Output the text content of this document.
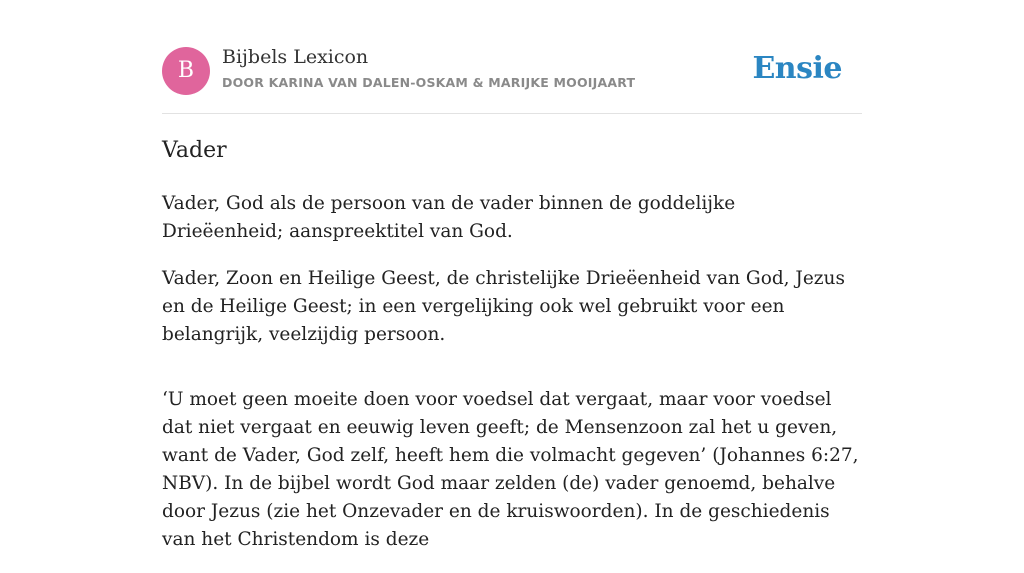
B
Bijbels Lexicon
DOOR KARINA VAN DALEN-OSKAM & MARIJKE MOOIJAART	Ensie
Vader

Vader, God als de persoon van de vader binnen de goddelijke Drieëenheid; aanspreektitel van God.

Vader, Zoon en Heilige Geest, de christelijke Drieëenheid van God, Jezus en de Heilige Geest; in een vergelijking ook wel gebruikt voor een belangrijk, veelzijdig persoon.

‘U moet geen moeite doen voor voedsel dat vergaat, maar voor voedsel dat niet vergaat en eeuwig leven geeft; de Mensenzoon zal het u geven, want de Vader, God zelf, heeft hem die volmacht gegeven’ (Johannes 6:27, NBV). In de bijbel wordt God maar zelden (de) vader genoemd, behalve door Jezus (zie het Onzevader en de kruiswoorden). In de geschiedenis van het Christendom is deze
